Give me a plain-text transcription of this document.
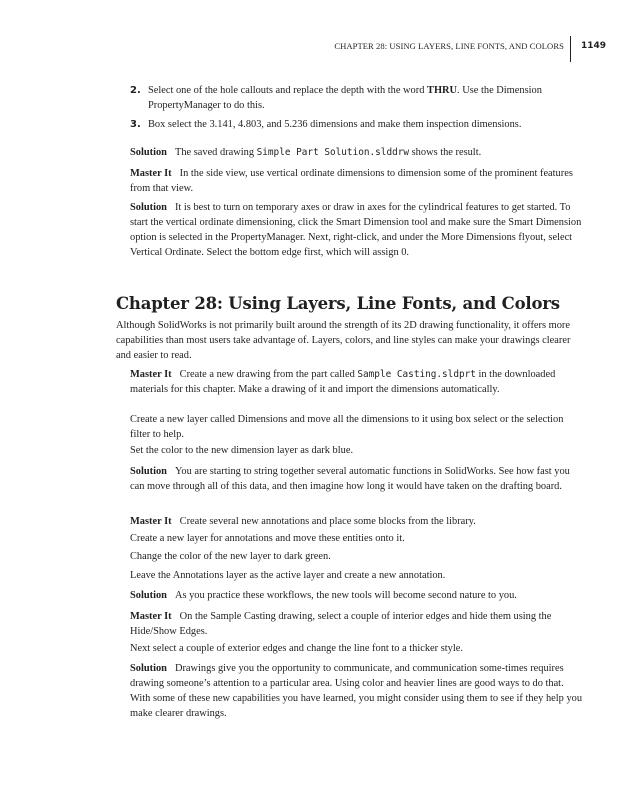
CHAPTER 28: USING LAYERS, LINE FONTS, AND COLORS	1149

2. Select one of the hole callouts and replace the depth with the word THRU. Use the Dimension PropertyManager to do this.

3. Box select the 3.141, 4.803, and 5.236 dimensions and make them inspection dimensions.

Solution The saved drawing Simple Part Solution.slddrw shows the result.

Master It In the side view, use vertical ordinate dimensions to dimension some of the prominent features from that view.

Solution It is best to turn on temporary axes or draw in axes for the cylindrical features to get started. To start the vertical ordinate dimensioning, click the Smart Dimension tool and make sure the Smart Dimension option is selected in the PropertyManager. Next, right-click, and under the More Dimensions flyout, select Vertical Ordinate. Select the bottom edge first, which will assign 0.

Chapter 28: Using Layers, Line Fonts, and Colors

Although SolidWorks is not primarily built around the strength of its 2D drawing functionality, it offers more capabilities than most users take advantage of. Layers, colors, and line styles can make your drawings clearer and easier to read.

Master It Create a new drawing from the part called Sample Casting.sldprt in the downloaded materials for this chapter. Make a drawing of it and import the dimensions automatically.

Create a new layer called Dimensions and move all the dimensions to it using box select or the selection filter to help.

Set the color to the new dimension layer as dark blue.

Solution You are starting to string together several automatic functions in SolidWorks. See how fast you can move through all of this data, and then imagine how long it would have taken on the drafting board.

Master It Create several new annotations and place some blocks from the library.

Create a new layer for annotations and move these entities onto it.

Change the color of the new layer to dark green.

Leave the Annotations layer as the active layer and create a new annotation.

Solution As you practice these workflows, the new tools will become second nature to you.

Master It On the Sample Casting drawing, select a couple of interior edges and hide them using the Hide/Show Edges.

Next select a couple of exterior edges and change the line font to a thicker style.

Solution Drawings give you the opportunity to communicate, and communication some-times requires drawing someone’s attention to a particular area. Using color and heavier lines are good ways to do that. With some of these new capabilities you have learned, you might consider using them to see if they help you make clearer drawings.
